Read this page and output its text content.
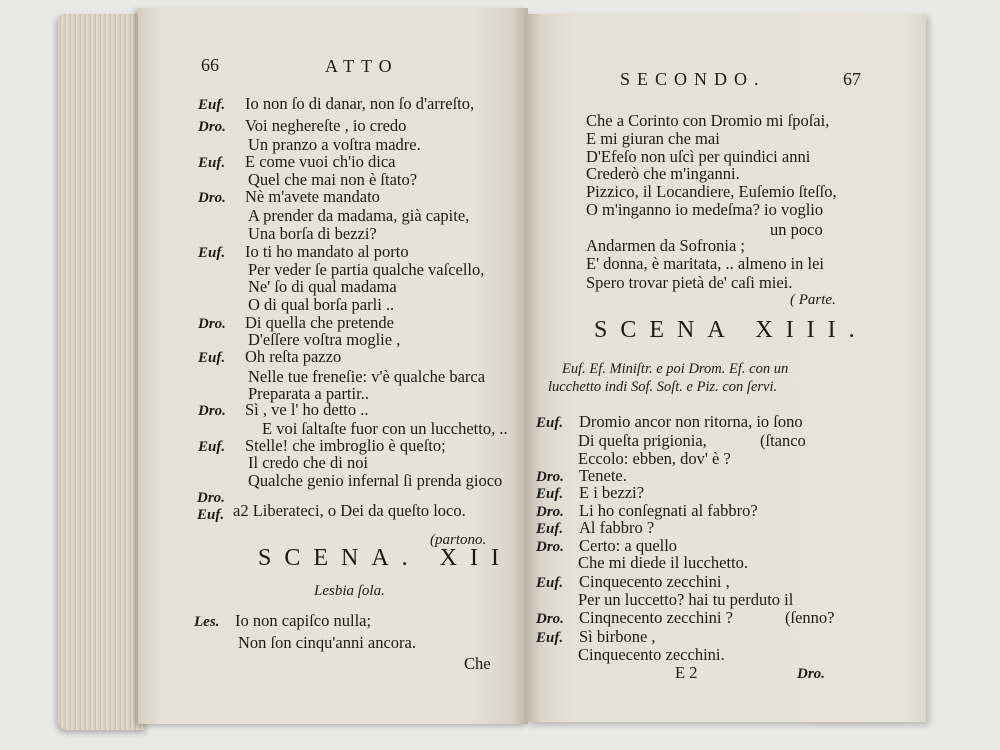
66	ATTO
SECONDO.	67
Dro.
Euf. a2 Liberateci, o Dei da queſto loco.
(partono.
SCENA. XII
Lesbia ſola.
Che
un poco
( Parte.
SCENA XIII.
Euf. Ef. Miniſtr. e poi Drom. Ef. con un
lucchetto indi Sof. Soſt. e Piz. con ſervi.
E 2	Dro.
Euf. Io non ſo di danar, non ſo d'arreſto,
Dro. Voi neghereſte , io credo
Un pranzo a voſtra madre.
Euf. E come vuoi ch'io dica
Quel che mai non è ſtato?
Dro. Nè m'avete mandato
A prender da madama, già capite,
Una borſa di bezzi?
Euf. Io ti ho mandato al porto
Per veder ſe partia qualche vaſcello,
Ne' ſo di qual madama
O di qual borſa parli ..
Dro. Di quella che pretende
D'eſſere voſtra moglie ,
Euf. Oh reſta pazzo
Nelle tue freneſie: v'è qualche barca
Preparata a partir..
Dro. Sì , ve l' ho detto ..
E voi ſaltaſte fuor con un lucchetto, ..
Euf. Stelle! che imbroglio è queſto;
Il credo che di noi
Qualche genio infernal ſi prenda gioco
Les. Io non capiſco nulla;
Non ſon cinqu'anni ancora.
Che a Corinto con Dromio mi ſpoſai,
E mi giuran che mai
D'Efeſo non uſcì per quindici anni
Crederò che m'inganni.
Pizzico, il Locandiere, Euſemio ſteſſo,
O m'inganno io medeſma? io voglio
Andarmen da Sofronia ;
E' donna, è maritata, .. almeno in lei
Spero trovar pietà de' caſi miei.
Euf. Dromio ancor non ritorna, io ſono
Di queſta prigionia,	(ſtanco
Eccolo: ebben, dov' è ?
Dro. Tenete.
Euf. E i bezzi?
Dro. Li ho conſegnati al fabbro?
Euf. Al fabbro ?
Dro. Certo: a quello
Che mi diede il lucchetto.
Euf. Cinquecento zecchini ,
Per un luccetto? hai tu perduto il
Dro. Cinqnecento zecchini ?	(ſenno?
Euf. Sì birbone ,
Cinquecento zecchini.
